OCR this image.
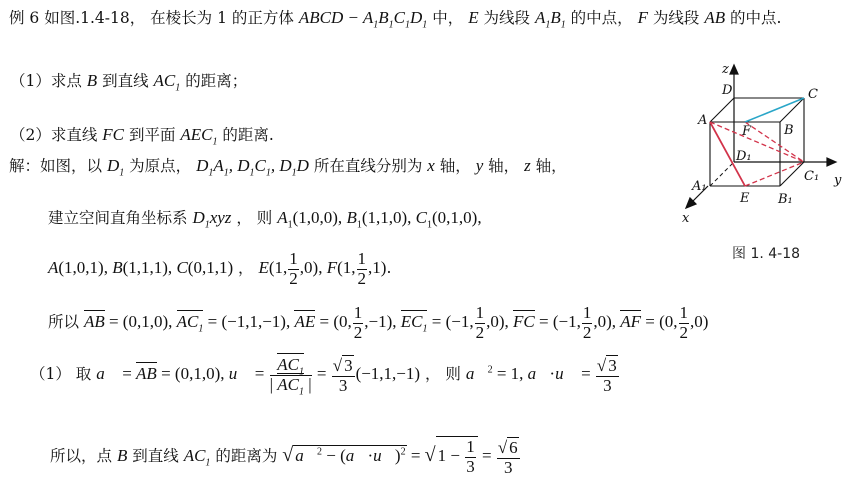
例 6 如图.1.4-18， 在棱长为 1 的正方体 ABCD − $A_1B_1C_1D_1$ 中， E 为线段 $A_1B_1$ 的中点， F 为线段 AB 的中点.
（1）求点 B 到直线 $AC_1$ 的距离；
（2）求直线 FC 到平面 $AEC_1$ 的距离.
解：如图，以 $D_1$ 为原点， $D_1A_1$, $D_1C_1$, $D_1D$ 所在直线分别为 x 轴， y 轴， z 轴，
建立空间直角坐标系 $D_1xyz$ ， 则 $A_1(1,0,0)$, $B_1(1,1,0)$, $C_1(0,1,0)$,
A(1,0,1), B(1,1,1), C(0,1,1) ， E(1, $\frac{1}{2} ,0$), F(1, $\frac{1}{2} ,1$).
所以 AB = (0,1,0), $AC_1 = (-1,1,-1)$, AE = (0, $\frac{1}{2} ,-1$), $EC_1 = (-1$, $\frac{1}{2} ,0$), FC = (−1, $\frac{1}{2} ,0$), AF = (0, $\frac{1}{2} ,0$)
（1） 取 a⃗ = AB = (0,1,0), u⃗ = $\frac{AC_1}{| AC_1 |} = \frac{√ 3}{3} (-1,1,-1)$ ， 则 a⃗$^2$ = 1, a⃗·u⃗ = $\frac{√ 3}{3}$
所以，点 B 到直线 $AC_1$ 的距离为 √ a⃗$^2$ − (a⃗·u⃗)$^2$ = √ $1 - \frac{1}{3} = \frac{√ 6}{3}$
z
D	C
A
F	B
D₁
C₁ y
A₁
E B₁
x
图 1. 4-18
